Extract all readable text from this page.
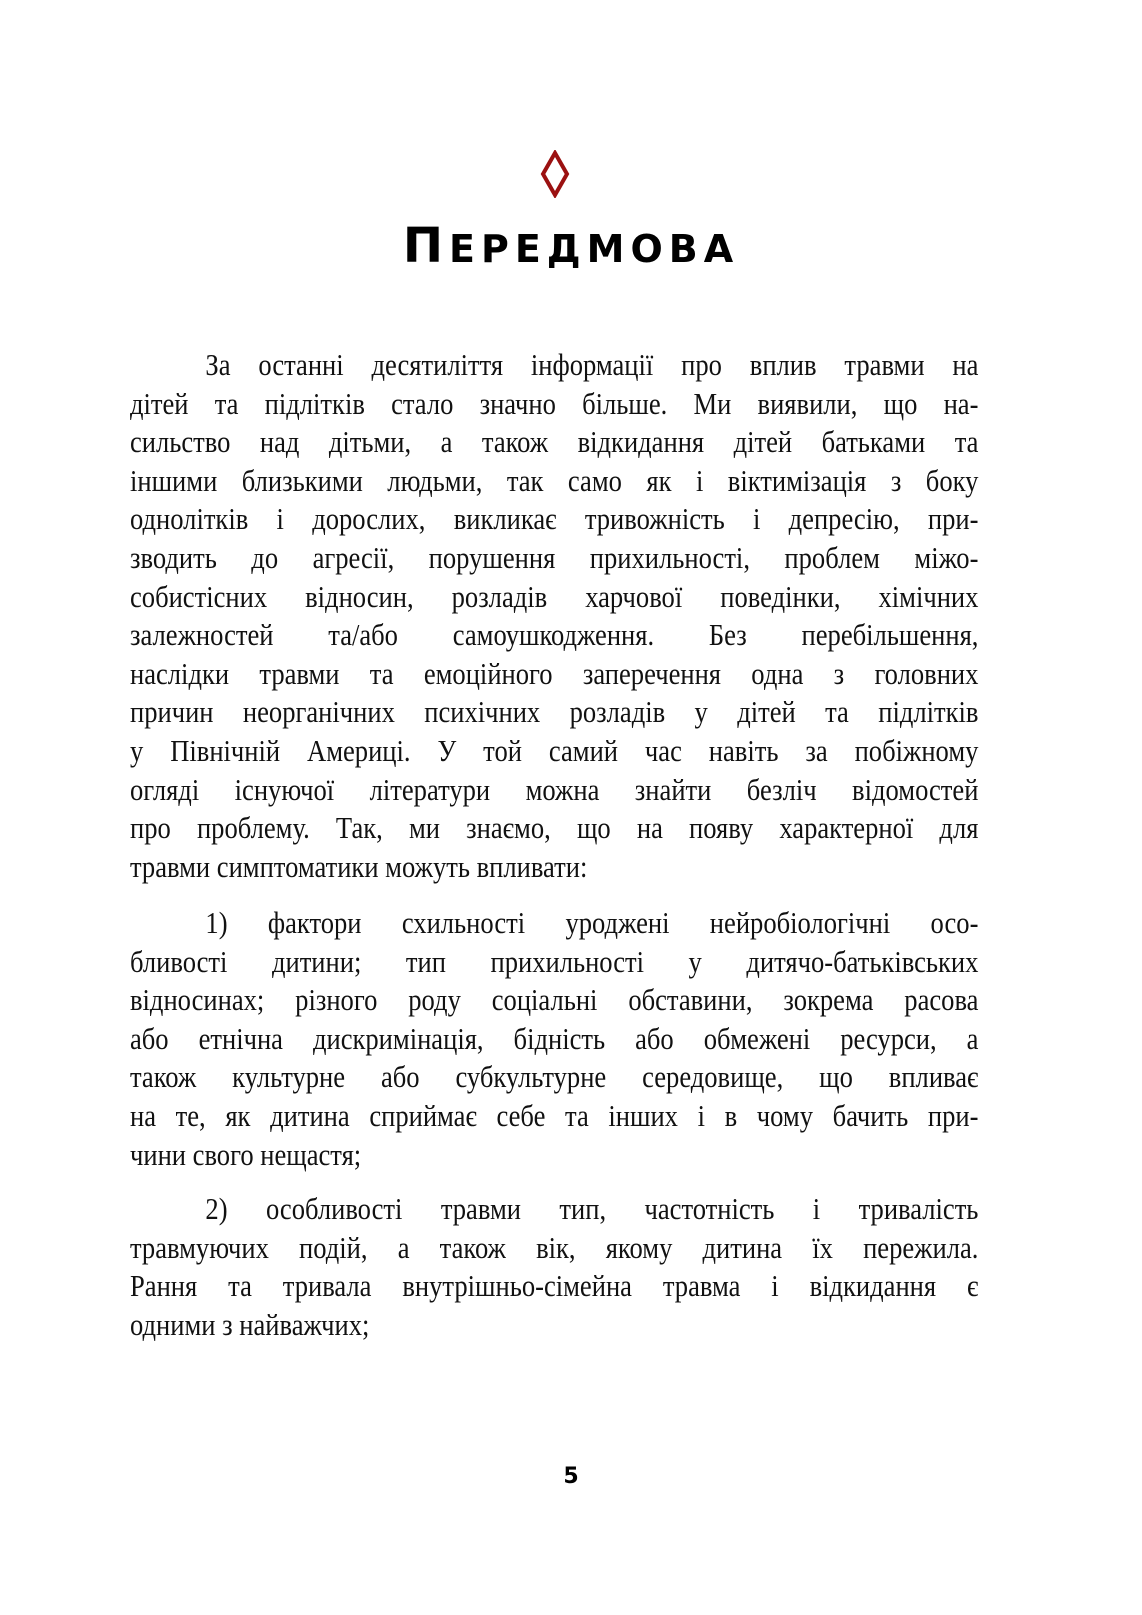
ПЕРЕДМОВА
За останні десятиліття інформації про вплив травми на
дітей та підлітків стало значно більше. Ми виявили, що на-
сильство над дітьми, а також відкидання дітей батьками та
іншими близькими людьми, так само як і віктимізація з боку
однолітків і дорослих, викликає тривожність і депресію, при-
зводить до агресії, порушення прихильності, проблем міжо-
собистісних відносин, розладів харчової поведінки, хімічних
залежностей та/або самоушкодження. Без перебільшення,
наслідки травми та емоційного заперечення одна з головних
причин неорганічних психічних розладів у дітей та підлітків
у Північній Америці. У той самий час навіть за побіжному
огляді існуючої літератури можна знайти безліч відомостей
про проблему. Так, ми знаємо, що на появу характерної для
травми симптоматики можуть впливати:
1) фактори схильності уроджені нейробіологічні осо-
бливості дитини; тип прихильності у дитячо-батьківських
відносинах; різного роду соціальні обставини, зокрема расова
або етнічна дискримінація, бідність або обмежені ресурси, а
також культурне або субкультурне середовище, що впливає
на те, як дитина сприймає себе та інших і в чому бачить при-
чини свого нещастя;
2) особливості травми тип, частотність і тривалість
травмуючих подій, а також вік, якому дитина їх пережила.
Рання та тривала внутрішньо-сімейна травма і відкидання є
одними з найважчих;
5
